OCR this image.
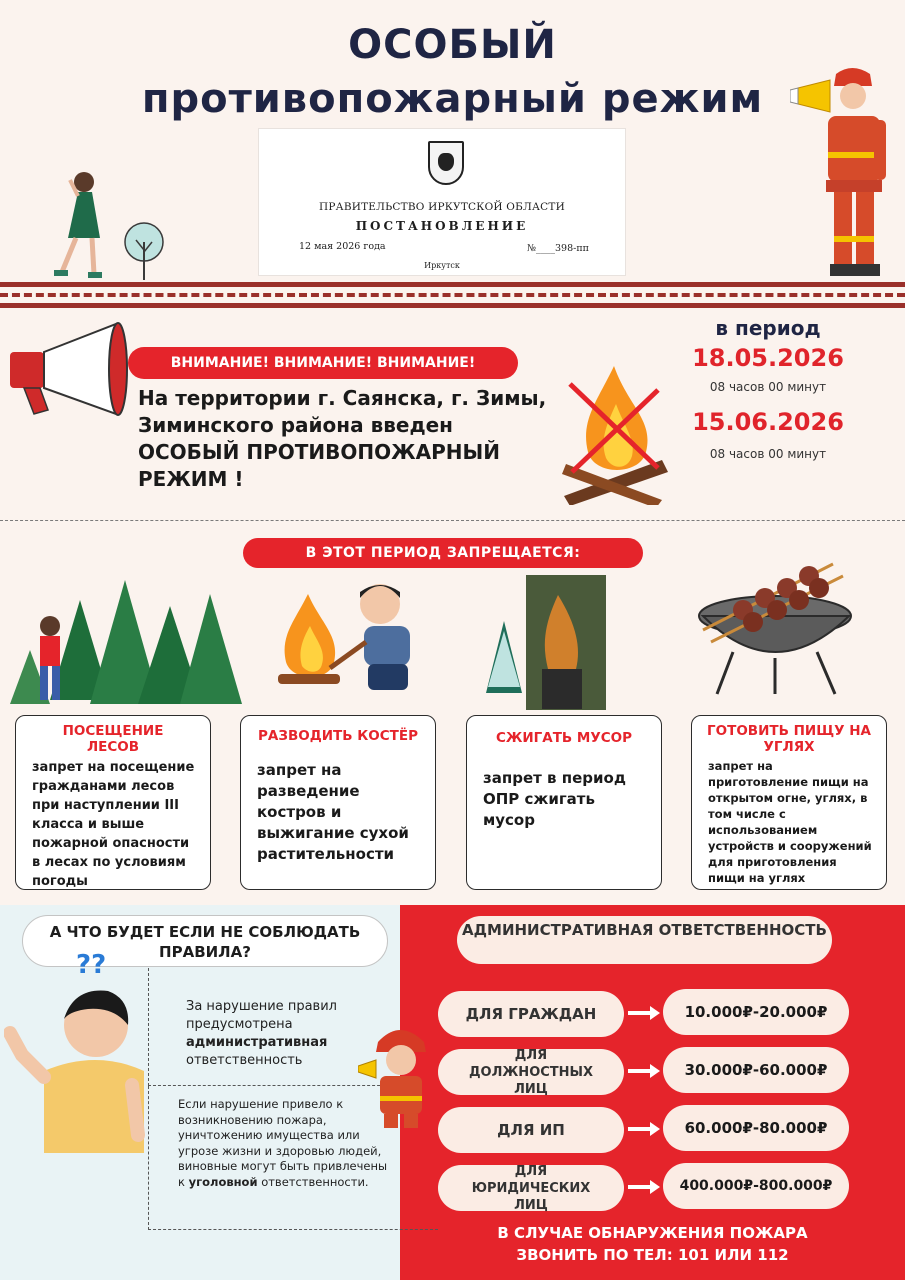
ОСОБЫЙ
противопожарный режим
ПРАВИТЕЛЬСТВО ИРКУТСКОЙ ОБЛАСТИ
ПОСТАНОВЛЕНИЕ
12 мая 2026 года	№____398-пп
Иркутск
ВНИМАНИЕ! ВНИМАНИЕ! ВНИМАНИЕ!
На территории г. Саянска, г. Зимы,
Зиминского района введен
ОСОБЫЙ ПРОТИВОПОЖАРНЫЙ
РЕЖИМ !
в период
18.05.2026
08 часов 00 минут
15.06.2026
08 часов 00 минут
В ЭТОТ ПЕРИОД ЗАПРЕЩАЕТСЯ:
ПОСЕЩЕНИЕ ЛЕСОВ
запрет на посещение гражданами лесов при наступлении III класса и выше пожарной опасности в лесах по условиям погоды
РАЗВОДИТЬ КОСТЁР
запрет на разведение костров и выжигание сухой растительности
СЖИГАТЬ МУСОР
запрет в период ОПР сжигать мусор
ГОТОВИТЬ ПИЩУ НА УГЛЯХ
запрет на приготовление пищи на открытом огне, углях, в том числе с использованием устройств и сооружений для приготовления пищи на углях
А ЧТО БУДЕТ ЕСЛИ НЕ СОБЛЮДАТЬ ПРАВИЛА?
??
За нарушение правил предусмотрена административная ответственность
Если нарушение привело к возникновению пожара, уничтожению имущества или угрозе жизни и здоровью людей, виновные могут быть привлечены к уголовной ответственности.
АДМИНИСТРАТИВНАЯ ОТВЕТСТВЕННОСТЬ
ДЛЯ ГРАЖДАН
ДЛЯ ДОЛЖНОСТНЫХ ЛИЦ
ДЛЯ ИП
ДЛЯ ЮРИДИЧЕСКИХ ЛИЦ
10.000₽-20.000₽
30.000₽-60.000₽
60.000₽-80.000₽
400.000₽-800.000₽
В СЛУЧАЕ ОБНАРУЖЕНИЯ ПОЖАРА
ЗВОНИТЬ ПО ТЕЛ: 101 ИЛИ 112
